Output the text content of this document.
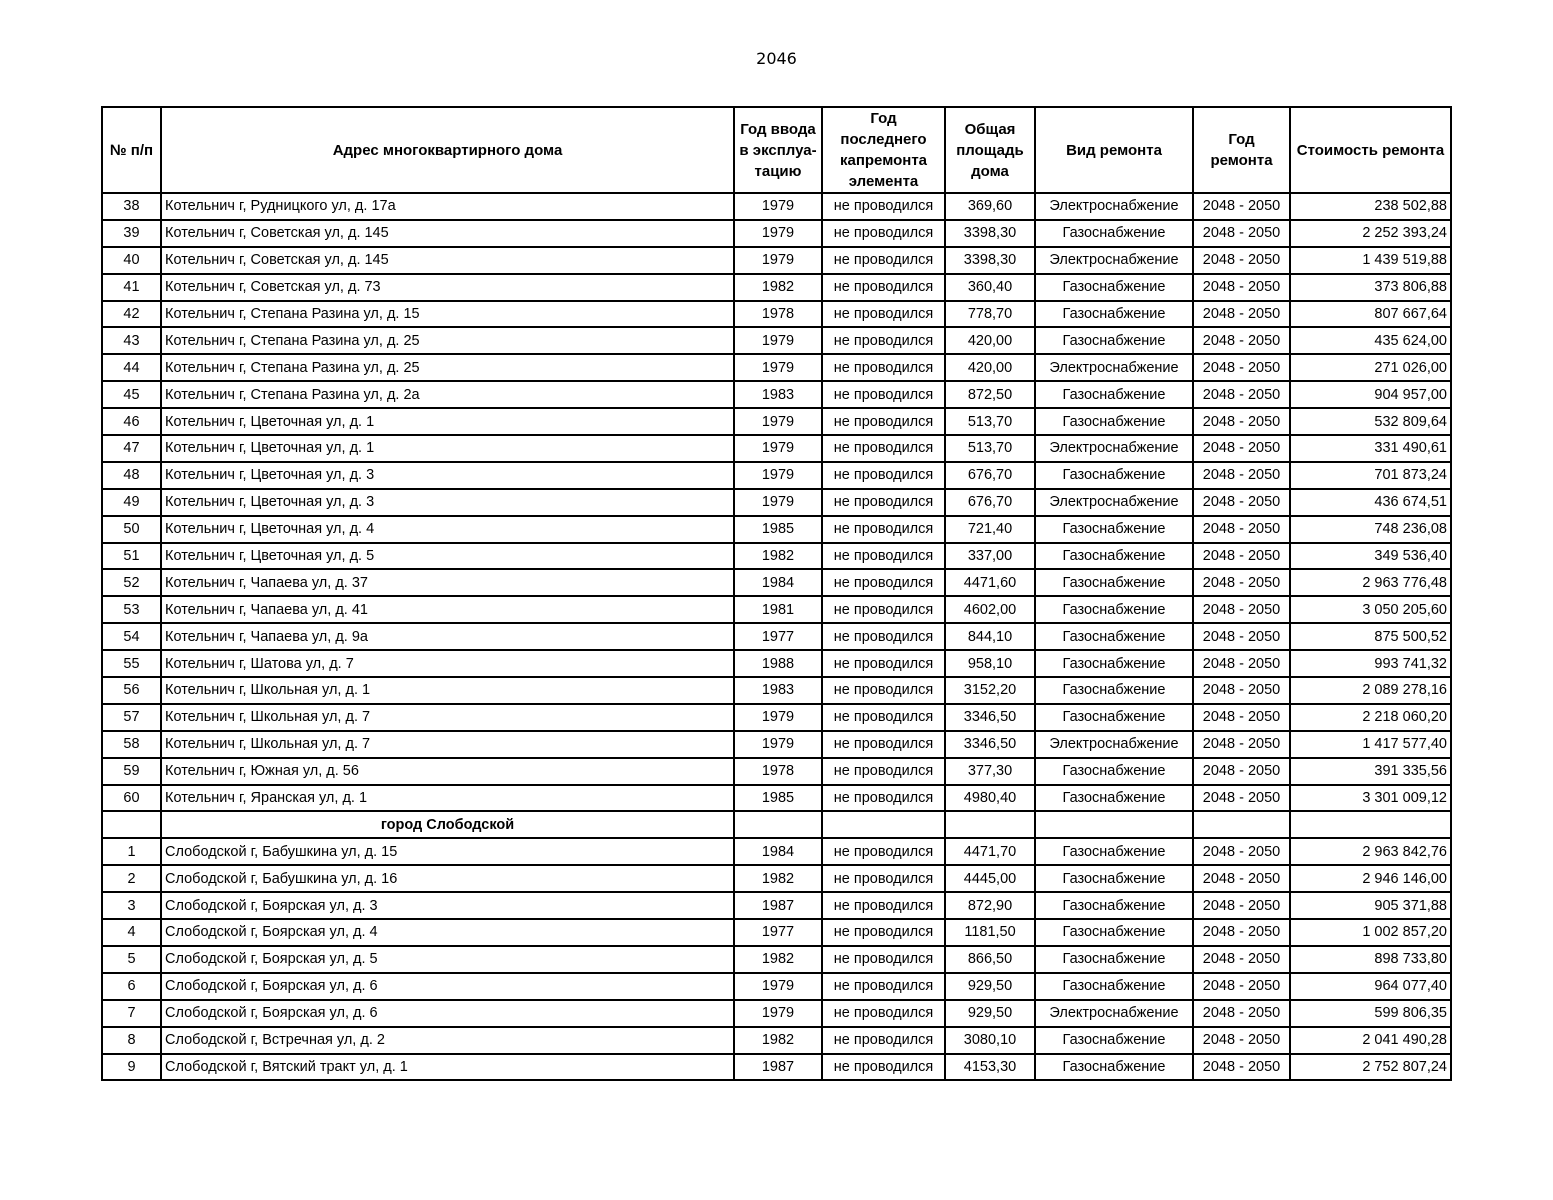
2046
№ п/п	Адрес многоквартирного дома	Год ввода в эксплуа-тацию	Год последнего капремонта элемента	Общая площадь дома	Вид ремонта	Год ремонта	Стоимость ремонта
38	Котельнич г, Рудницкого ул, д. 17а	1979	не проводился	369,60	Электроснабжение	2048 - 2050	238 502,88
39	Котельнич г, Советская ул, д. 145	1979	не проводился	3398,30	Газоснабжение	2048 - 2050	2 252 393,24
40	Котельнич г, Советская ул, д. 145	1979	не проводился	3398,30	Электроснабжение	2048 - 2050	1 439 519,88
41	Котельнич г, Советская ул, д. 73	1982	не проводился	360,40	Газоснабжение	2048 - 2050	373 806,88
42	Котельнич г, Степана Разина ул, д. 15	1978	не проводился	778,70	Газоснабжение	2048 - 2050	807 667,64
43	Котельнич г, Степана Разина ул, д. 25	1979	не проводился	420,00	Газоснабжение	2048 - 2050	435 624,00
44	Котельнич г, Степана Разина ул, д. 25	1979	не проводился	420,00	Электроснабжение	2048 - 2050	271 026,00
45	Котельнич г, Степана Разина ул, д. 2а	1983	не проводился	872,50	Газоснабжение	2048 - 2050	904 957,00
46	Котельнич г, Цветочная ул, д. 1	1979	не проводился	513,70	Газоснабжение	2048 - 2050	532 809,64
47	Котельнич г, Цветочная ул, д. 1	1979	не проводился	513,70	Электроснабжение	2048 - 2050	331 490,61
48	Котельнич г, Цветочная ул, д. 3	1979	не проводился	676,70	Газоснабжение	2048 - 2050	701 873,24
49	Котельнич г, Цветочная ул, д. 3	1979	не проводился	676,70	Электроснабжение	2048 - 2050	436 674,51
50	Котельнич г, Цветочная ул, д. 4	1985	не проводился	721,40	Газоснабжение	2048 - 2050	748 236,08
51	Котельнич г, Цветочная ул, д. 5	1982	не проводился	337,00	Газоснабжение	2048 - 2050	349 536,40
52	Котельнич г, Чапаева ул, д. 37	1984	не проводился	4471,60	Газоснабжение	2048 - 2050	2 963 776,48
53	Котельнич г, Чапаева ул, д. 41	1981	не проводился	4602,00	Газоснабжение	2048 - 2050	3 050 205,60
54	Котельнич г, Чапаева ул, д. 9а	1977	не проводился	844,10	Газоснабжение	2048 - 2050	875 500,52
55	Котельнич г, Шатова ул, д. 7	1988	не проводился	958,10	Газоснабжение	2048 - 2050	993 741,32
56	Котельнич г, Школьная ул, д. 1	1983	не проводился	3152,20	Газоснабжение	2048 - 2050	2 089 278,16
57	Котельнич г, Школьная ул, д. 7	1979	не проводился	3346,50	Газоснабжение	2048 - 2050	2 218 060,20
58	Котельнич г, Школьная ул, д. 7	1979	не проводился	3346,50	Электроснабжение	2048 - 2050	1 417 577,40
59	Котельнич г, Южная ул, д. 56	1978	не проводился	377,30	Газоснабжение	2048 - 2050	391 335,56
60	Котельнич г, Яранская ул, д. 1	1985	не проводился	4980,40	Газоснабжение	2048 - 2050	3 301 009,12
	город Слободской						
1	Слободской г, Бабушкина ул, д. 15	1984	не проводился	4471,70	Газоснабжение	2048 - 2050	2 963 842,76
2	Слободской г, Бабушкина ул, д. 16	1982	не проводился	4445,00	Газоснабжение	2048 - 2050	2 946 146,00
3	Слободской г, Боярская ул, д. 3	1987	не проводился	872,90	Газоснабжение	2048 - 2050	905 371,88
4	Слободской г, Боярская ул, д. 4	1977	не проводился	1181,50	Газоснабжение	2048 - 2050	1 002 857,20
5	Слободской г, Боярская ул, д. 5	1982	не проводился	866,50	Газоснабжение	2048 - 2050	898 733,80
6	Слободской г, Боярская ул, д. 6	1979	не проводился	929,50	Газоснабжение	2048 - 2050	964 077,40
7	Слободской г, Боярская ул, д. 6	1979	не проводился	929,50	Электроснабжение	2048 - 2050	599 806,35
8	Слободской г, Встречная ул, д. 2	1982	не проводился	3080,10	Газоснабжение	2048 - 2050	2 041 490,28
9	Слободской г, Вятский тракт ул, д. 1	1987	не проводился	4153,30	Газоснабжение	2048 - 2050	2 752 807,24
